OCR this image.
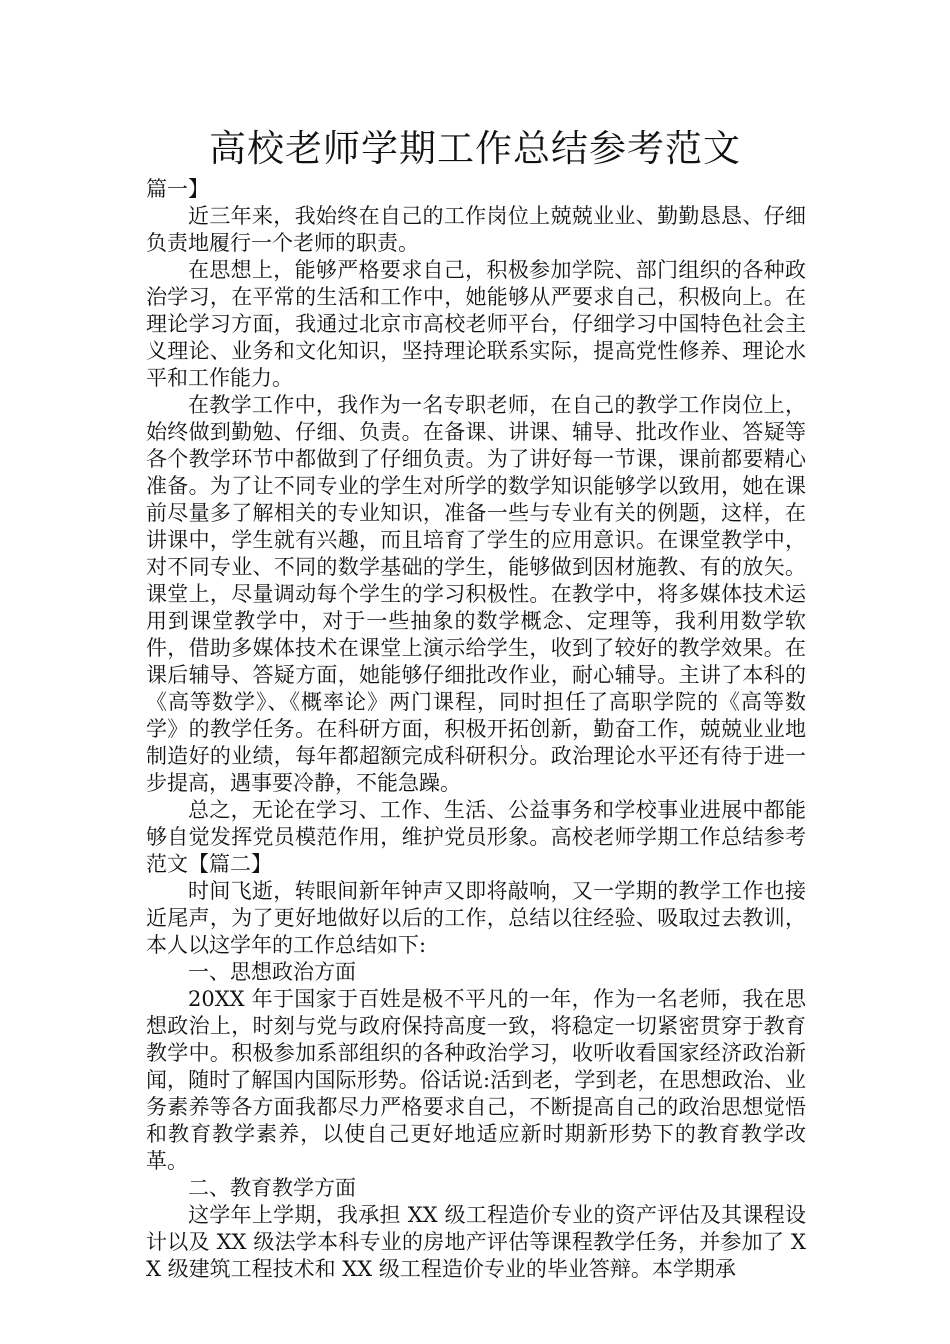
高校老师学期工作总结参考范文

篇一】

近三年来，我始终在自己的工作岗位上兢兢业业、勤勤恳恳、仔细负责地履行一个老师的职责。

在思想上，能够严格要求自己，积极参加学院、部门组织的各种政治学习，在平常的生活和工作中，她能够从严要求自己，积极向上。在理论学习方面，我通过北京市高校老师平台，仔细学习中国特色社会主义理论、业务和文化知识，坚持理论联系实际，提高党性修养、理论水平和工作能力。

在教学工作中，我作为一名专职老师，在自己的教学工作岗位上，始终做到勤勉、仔细、负责。在备课、讲课、辅导、批改作业、答疑等各个教学环节中都做到了仔细负责。为了讲好每一节课，课前都要精心准备。为了让不同专业的学生对所学的数学知识能够学以致用，她在课前尽量多了解相关的专业知识，准备一些与专业有关的例题，这样，在讲课中，学生就有兴趣，而且培育了学生的应用意识。在课堂教学中，对不同专业、不同的数学基础的学生，能够做到因材施教、有的放矢。课堂上，尽量调动每个学生的学习积极性。在教学中，将多媒体技术运用到课堂教学中，对于一些抽象的数学概念、定理等，我利用数学软件，借助多媒体技术在课堂上演示给学生，收到了较好的教学效果。在课后辅导、答疑方面，她能够仔细批改作业，耐心辅导。主讲了本科的《高等数学》、《概率论》两门课程，同时担任了高职学院的《高等数学》的教学任务。在科研方面，积极开拓创新，勤奋工作，兢兢业业地制造好的业绩，每年都超额完成科研积分。政治理论水平还有待于进一步提高，遇事要冷静，不能急躁。

总之，无论在学习、工作、生活、公益事务和学校事业进展中都能够自觉发挥党员模范作用，维护党员形象。高校老师学期工作总结参考范文【篇二】

时间飞逝，转眼间新年钟声又即将敲响，又一学期的教学工作也接近尾声，为了更好地做好以后的工作，总结以往经验、吸取过去教训，本人以这学年的工作总结如下:

一、思想政治方面

20XX 年于国家于百姓是极不平凡的一年，作为一名老师，我在思想政治上，时刻与党与政府保持高度一致，将稳定一切紧密贯穿于教育教学中。积极参加系部组织的各种政治学习，收听收看国家经济政治新闻，随时了解国内国际形势。俗话说:活到老，学到老，在思想政治、业务素养等各方面我都尽力严格要求自己，不断提高自己的政治思想觉悟和教育教学素养，以使自己更好地适应新时期新形势下的教育教学改革。

二、教育教学方面

这学年上学期，我承担 XX 级工程造价专业的资产评估及其课程设计以及 XX 级法学本科专业的房地产评估等课程教学任务，并参加了 XX 级建筑工程技术和 XX 级工程造价专业的毕业答辩。本学期承
